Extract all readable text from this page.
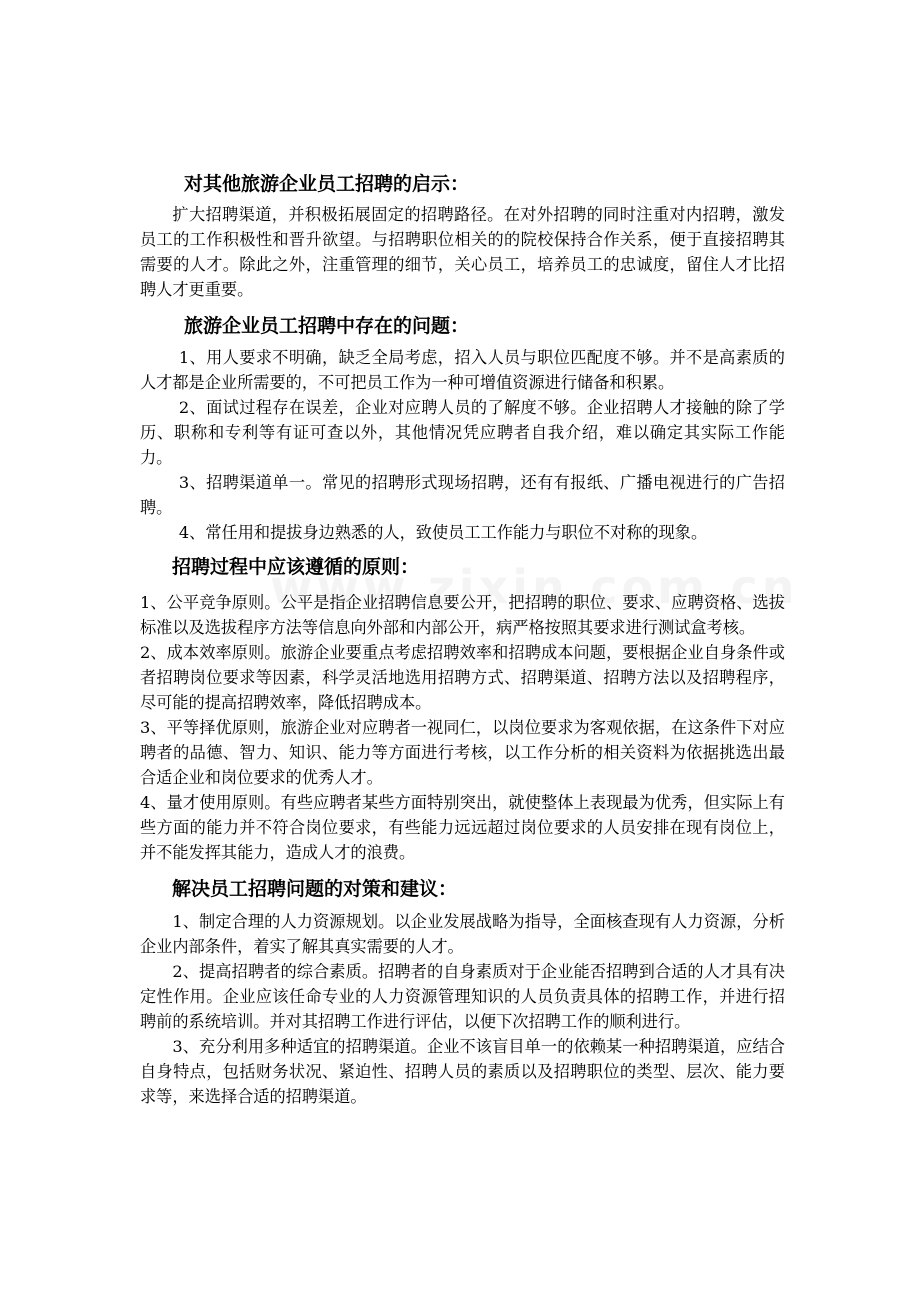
对其他旅游企业员工招聘的启示：

扩大招聘渠道，并积极拓展固定的招聘路径。在对外招聘的同时注重对内招聘，激发员工的工作积极性和晋升欲望。与招聘职位相关的的院校保持合作关系，便于直接招聘其需要的人才。除此之外，注重管理的细节，关心员工，培养员工的忠诚度，留住人才比招聘人才更重要。

旅游企业员工招聘中存在的问题：

1、用人要求不明确，缺乏全局考虑，招入人员与职位匹配度不够。并不是高素质的人才都是企业所需要的，不可把员工作为一种可增值资源进行储备和积累。

2、面试过程存在误差，企业对应聘人员的了解度不够。企业招聘人才接触的除了学历、职称和专利等有证可查以外，其他情况凭应聘者自我介绍，难以确定其实际工作能力。

3、招聘渠道单一。常见的招聘形式现场招聘，还有有报纸、广播电视进行的广告招聘。

4、常任用和提拔身边熟悉的人，致使员工工作能力与职位不对称的现象。

招聘过程中应该遵循的原则：

1、公平竞争原则。公平是指企业招聘信息要公开，把招聘的职位、要求、应聘资格、选拔标准以及选拔程序方法等信息向外部和内部公开，病严格按照其要求进行测试盒考核。

2、成本效率原则。旅游企业要重点考虑招聘效率和招聘成本问题，要根据企业自身条件或者招聘岗位要求等因素，科学灵活地选用招聘方式、招聘渠道、招聘方法以及招聘程序，尽可能的提高招聘效率，降低招聘成本。

3、平等择优原则，旅游企业对应聘者一视同仁，以岗位要求为客观依据，在这条件下对应聘者的品德、智力、知识、能力等方面进行考核，以工作分析的相关资料为依据挑选出最合适企业和岗位要求的优秀人才。

4、量才使用原则。有些应聘者某些方面特别突出，就使整体上表现最为优秀，但实际上有些方面的能力并不符合岗位要求，有些能力远远超过岗位要求的人员安排在现有岗位上，并不能发挥其能力，造成人才的浪费。

解决员工招聘问题的对策和建议：

1、制定合理的人力资源规划。以企业发展战略为指导，全面核查现有人力资源，分析企业内部条件，着实了解其真实需要的人才。

2、提高招聘者的综合素质。招聘者的自身素质对于企业能否招聘到合适的人才具有决定性作用。企业应该任命专业的人力资源管理知识的人员负责具体的招聘工作，并进行招聘前的系统培训。并对其招聘工作进行评估，以便下次招聘工作的顺利进行。

3、充分利用多种适宜的招聘渠道。企业不该盲目单一的依赖某一种招聘渠道，应结合自身特点，包括财务状况、紧迫性、招聘人员的素质以及招聘职位的类型、层次、能力要求等，来选择合适的招聘渠道。
